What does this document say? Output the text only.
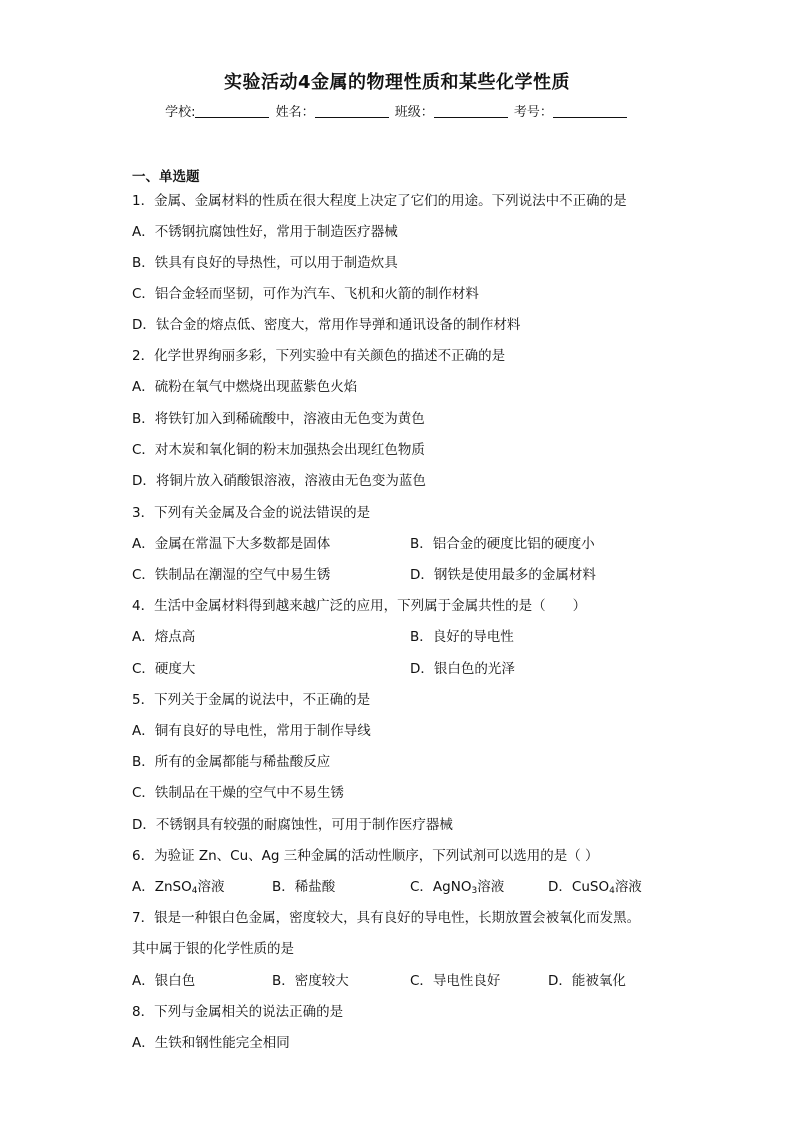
实验活动4金属的物理性质和某些化学性质
学校:	姓名：	班级：	考号：
一、单选题
1．金属、金属材料的性质在很大程度上决定了它们的用途。下列说法中不正确的是
A．不锈钢抗腐蚀性好，常用于制造医疗器械
B．铁具有良好的导热性，可以用于制造炊具
C．铝合金轻而坚韧，可作为汽车、飞机和火箭的制作材料
D．钛合金的熔点低、密度大，常用作导弹和通讯设备的制作材料
2．化学世界绚丽多彩，下列实验中有关颜色的描述不正确的是
A．硫粉在氧气中燃烧出现蓝紫色火焰
B．将铁钉加入到稀硫酸中，溶液由无色变为黄色
C．对木炭和氧化铜的粉末加强热会出现红色物质
D．将铜片放入硝酸银溶液，溶液由无色变为蓝色
3．下列有关金属及合金的说法错误的是
A．金属在常温下大多数都是固体	B．铝合金的硬度比铝的硬度小
C．铁制品在潮湿的空气中易生锈	D．钢铁是使用最多的金属材料
4．生活中金属材料得到越来越广泛的应用，下列属于金属共性的是（　　）
A．熔点高	B．良好的导电性
C．硬度大	D．银白色的光泽
5．下列关于金属的说法中，不正确的是
A．铜有良好的导电性，常用于制作导线
B．所有的金属都能与稀盐酸反应
C．铁制品在干燥的空气中不易生锈
D．不锈钢具有较强的耐腐蚀性，可用于制作医疗器械
6．为验证 Zn、Cu、Ag 三种金属的活动性顺序，下列试剂可以选用的是（ ）
A．ZnSO$_4$溶液	B．稀盐酸	C．AgNO$_3$溶液	D．CuSO$_4$溶液
7．银是一种银白色金属，密度较大，具有良好的导电性，长期放置会被氧化而发黑。
其中属于银的化学性质的是
A．银白色	B．密度较大	C．导电性良好	D．能被氧化
8．下列与金属相关的说法正确的是
A．生铁和钢性能完全相同
